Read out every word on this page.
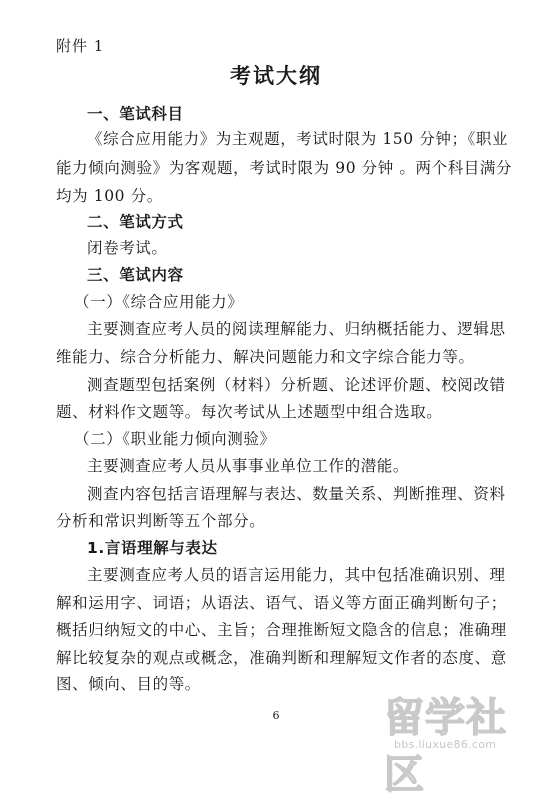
附件 1
考试大纲
一、笔试科目
《综合应用能力》为主观题，考试时限为 150 分钟；《职业
能力倾向测验》为客观题，考试时限为 90 分钟 。两个科目满分
均为 100 分。
二、笔试方式
闭卷考试。
三、笔试内容
（一）《综合应用能力》
主要测查应考人员的阅读理解能力、归纳概括能力、逻辑思
维能力、综合分析能力、解决问题能力和文字综合能力等。
测查题型包括案例（材料）分析题、论述评价题、校阅改错
题、材料作文题等。每次考试从上述题型中组合选取。
（二）《职业能力倾向测验》
主要测查应考人员从事事业单位工作的潜能。
测查内容包括言语理解与表达、数量关系、判断推理、资料
分析和常识判断等五个部分。
1.言语理解与表达
主要测查应考人员的语言运用能力，其中包括准确识别、理
解和运用字、词语；从语法、语气、语义等方面正确判断句子；
概括归纳短文的中心、主旨；合理推断短文隐含的信息；准确理
解比较复杂的观点或概念，准确判断和理解短文作者的态度、意
图、倾向、目的等。
6	留学社区
bbs.liuxue86.com
